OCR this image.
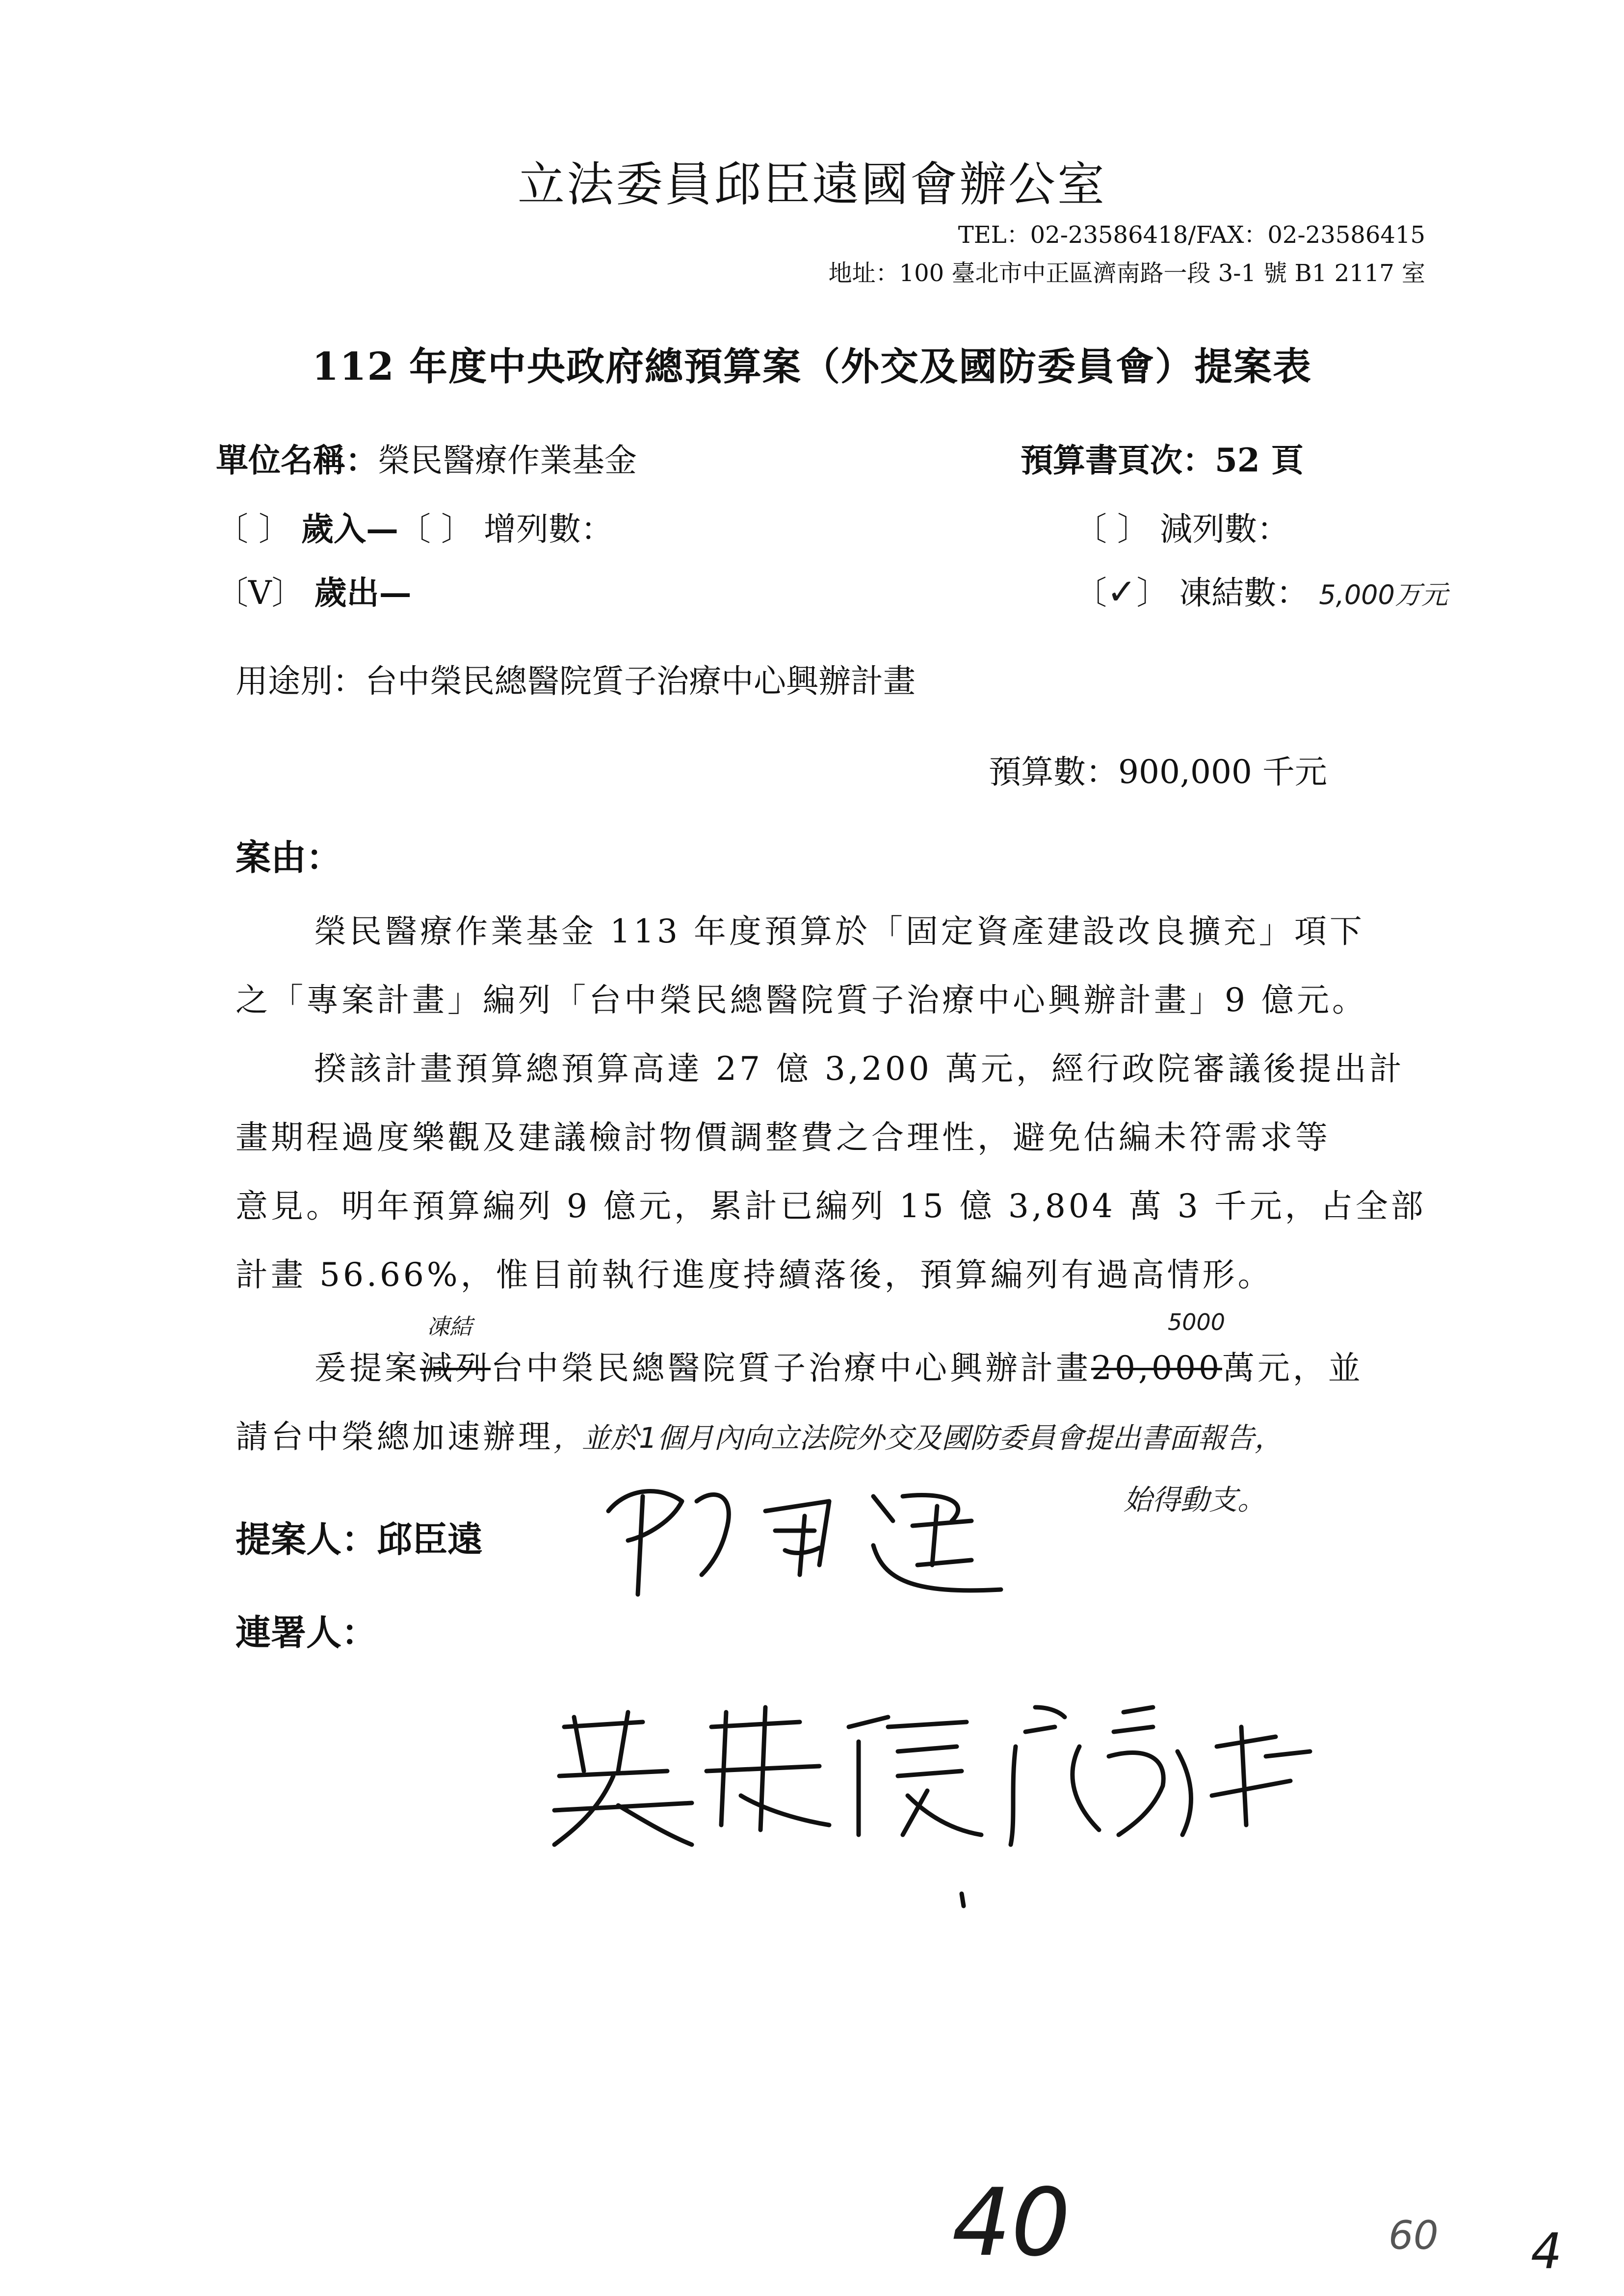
立法委員邱臣遠國會辦公室
TEL：02-23586418/FAX：02-23586415
地址：100 臺北市中正區濟南路一段 3-1 號 B1 2117 室
112 年度中央政府總預算案（外交及國防委員會）提案表
單位名稱：榮民醫療作業基金	預算書頁次：52 頁
〔 〕 歲入—〔 〕 增列數：	〔 〕 減列數：
〔V〕 歲出—	〔✓〕 凍結數： 5,000万元
用途別：台中榮民總醫院質子治療中心興辦計畫
預算數：900,000 千元
案由：
榮民醫療作業基金 113 年度預算於「固定資產建設改良擴充」項下
之「專案計畫」編列「台中榮民總醫院質子治療中心興辦計畫」9 億元。
揆該計畫預算總預算高達 27 億 3,200 萬元，經行政院審議後提出計
畫期程過度樂觀及建議檢討物價調整費之合理性，避免估編未符需求等
意見。明年預算編列 9 億元，累計已編列 15 億 3,804 萬 3 千元，占全部
計畫 56.66%，惟目前執行進度持續落後，預算編列有過高情形。
爰提案減列台中榮民總醫院質子治療中心興辦計畫20,000萬元，並
凍結	5000
請台中榮總加速辦理，並於1個月內向立法院外交及國防委員會提出書面報告，
始得動支。
提案人：邱臣遠
連署人：
40	60 4
